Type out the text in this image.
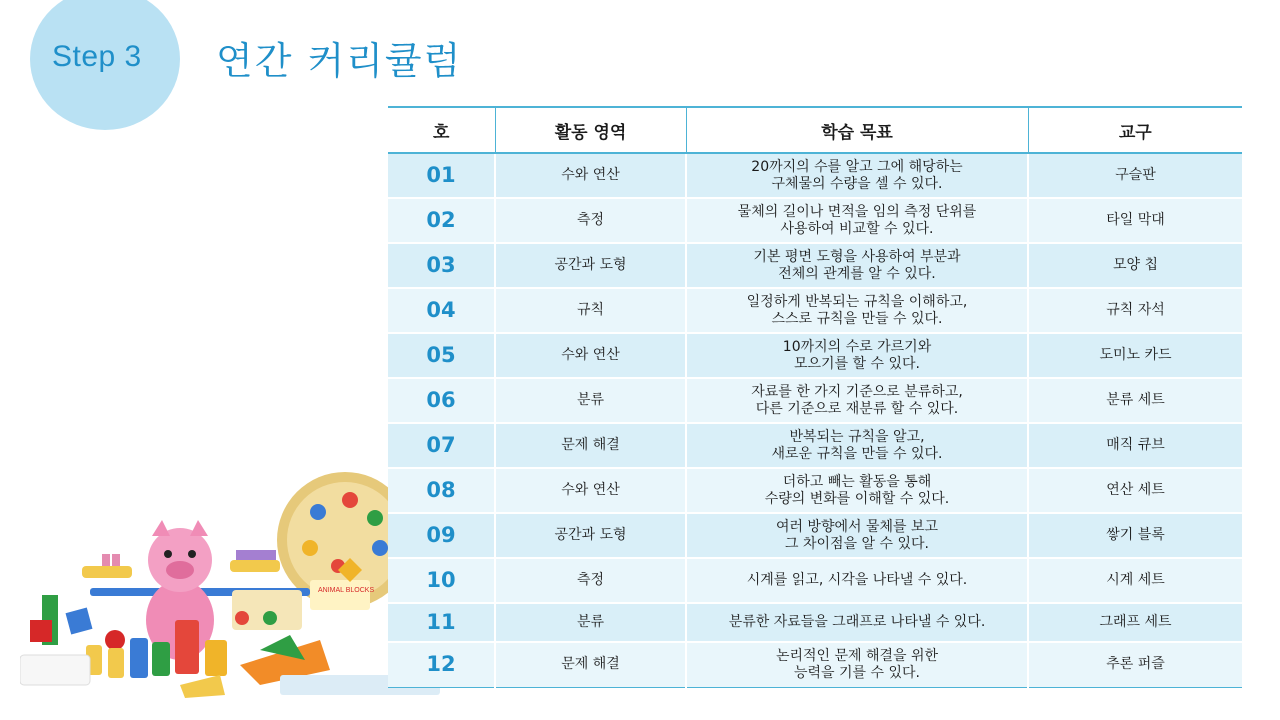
Step 3 연간 커리큘럼
ANIMAL BLOCKS
호	활동 영역	학습 목표	교구
01	수와 연산	20까지의 수를 알고 그에 해당하는
구체물의 수량을 셀 수 있다.	구슬판
02	측정	물체의 길이나 면적을 임의 측정 단위를
사용하여 비교할 수 있다.	타일 막대
03	공간과 도형	기본 평면 도형을 사용하여 부분과
전체의 관계를 알 수 있다.	모양 칩
04	규칙	일정하게 반복되는 규칙을 이해하고,
스스로 규칙을 만들 수 있다.	규칙 자석
05	수와 연산	10까지의 수로 가르기와
모으기를 할 수 있다.	도미노 카드
06	분류	자료를 한 가지 기준으로 분류하고,
다른 기준으로 재분류 할 수 있다.	분류 세트
07	문제 해결	반복되는 규칙을 알고,
새로운 규칙을 만들 수 있다.	매직 큐브
08	수와 연산	더하고 빼는 활동을 통해
수량의 변화를 이해할 수 있다.	연산 세트
09	공간과 도형	여러 방향에서 물체를 보고
그 차이점을 알 수 있다.	쌓기 블록
10	측정	시계를 읽고, 시각을 나타낼 수 있다.	시계 세트
11	분류	분류한 자료들을 그래프로 나타낼 수 있다.	그래프 세트
12	문제 해결	논리적인 문제 해결을 위한
능력을 기를 수 있다.	추론 퍼즐
